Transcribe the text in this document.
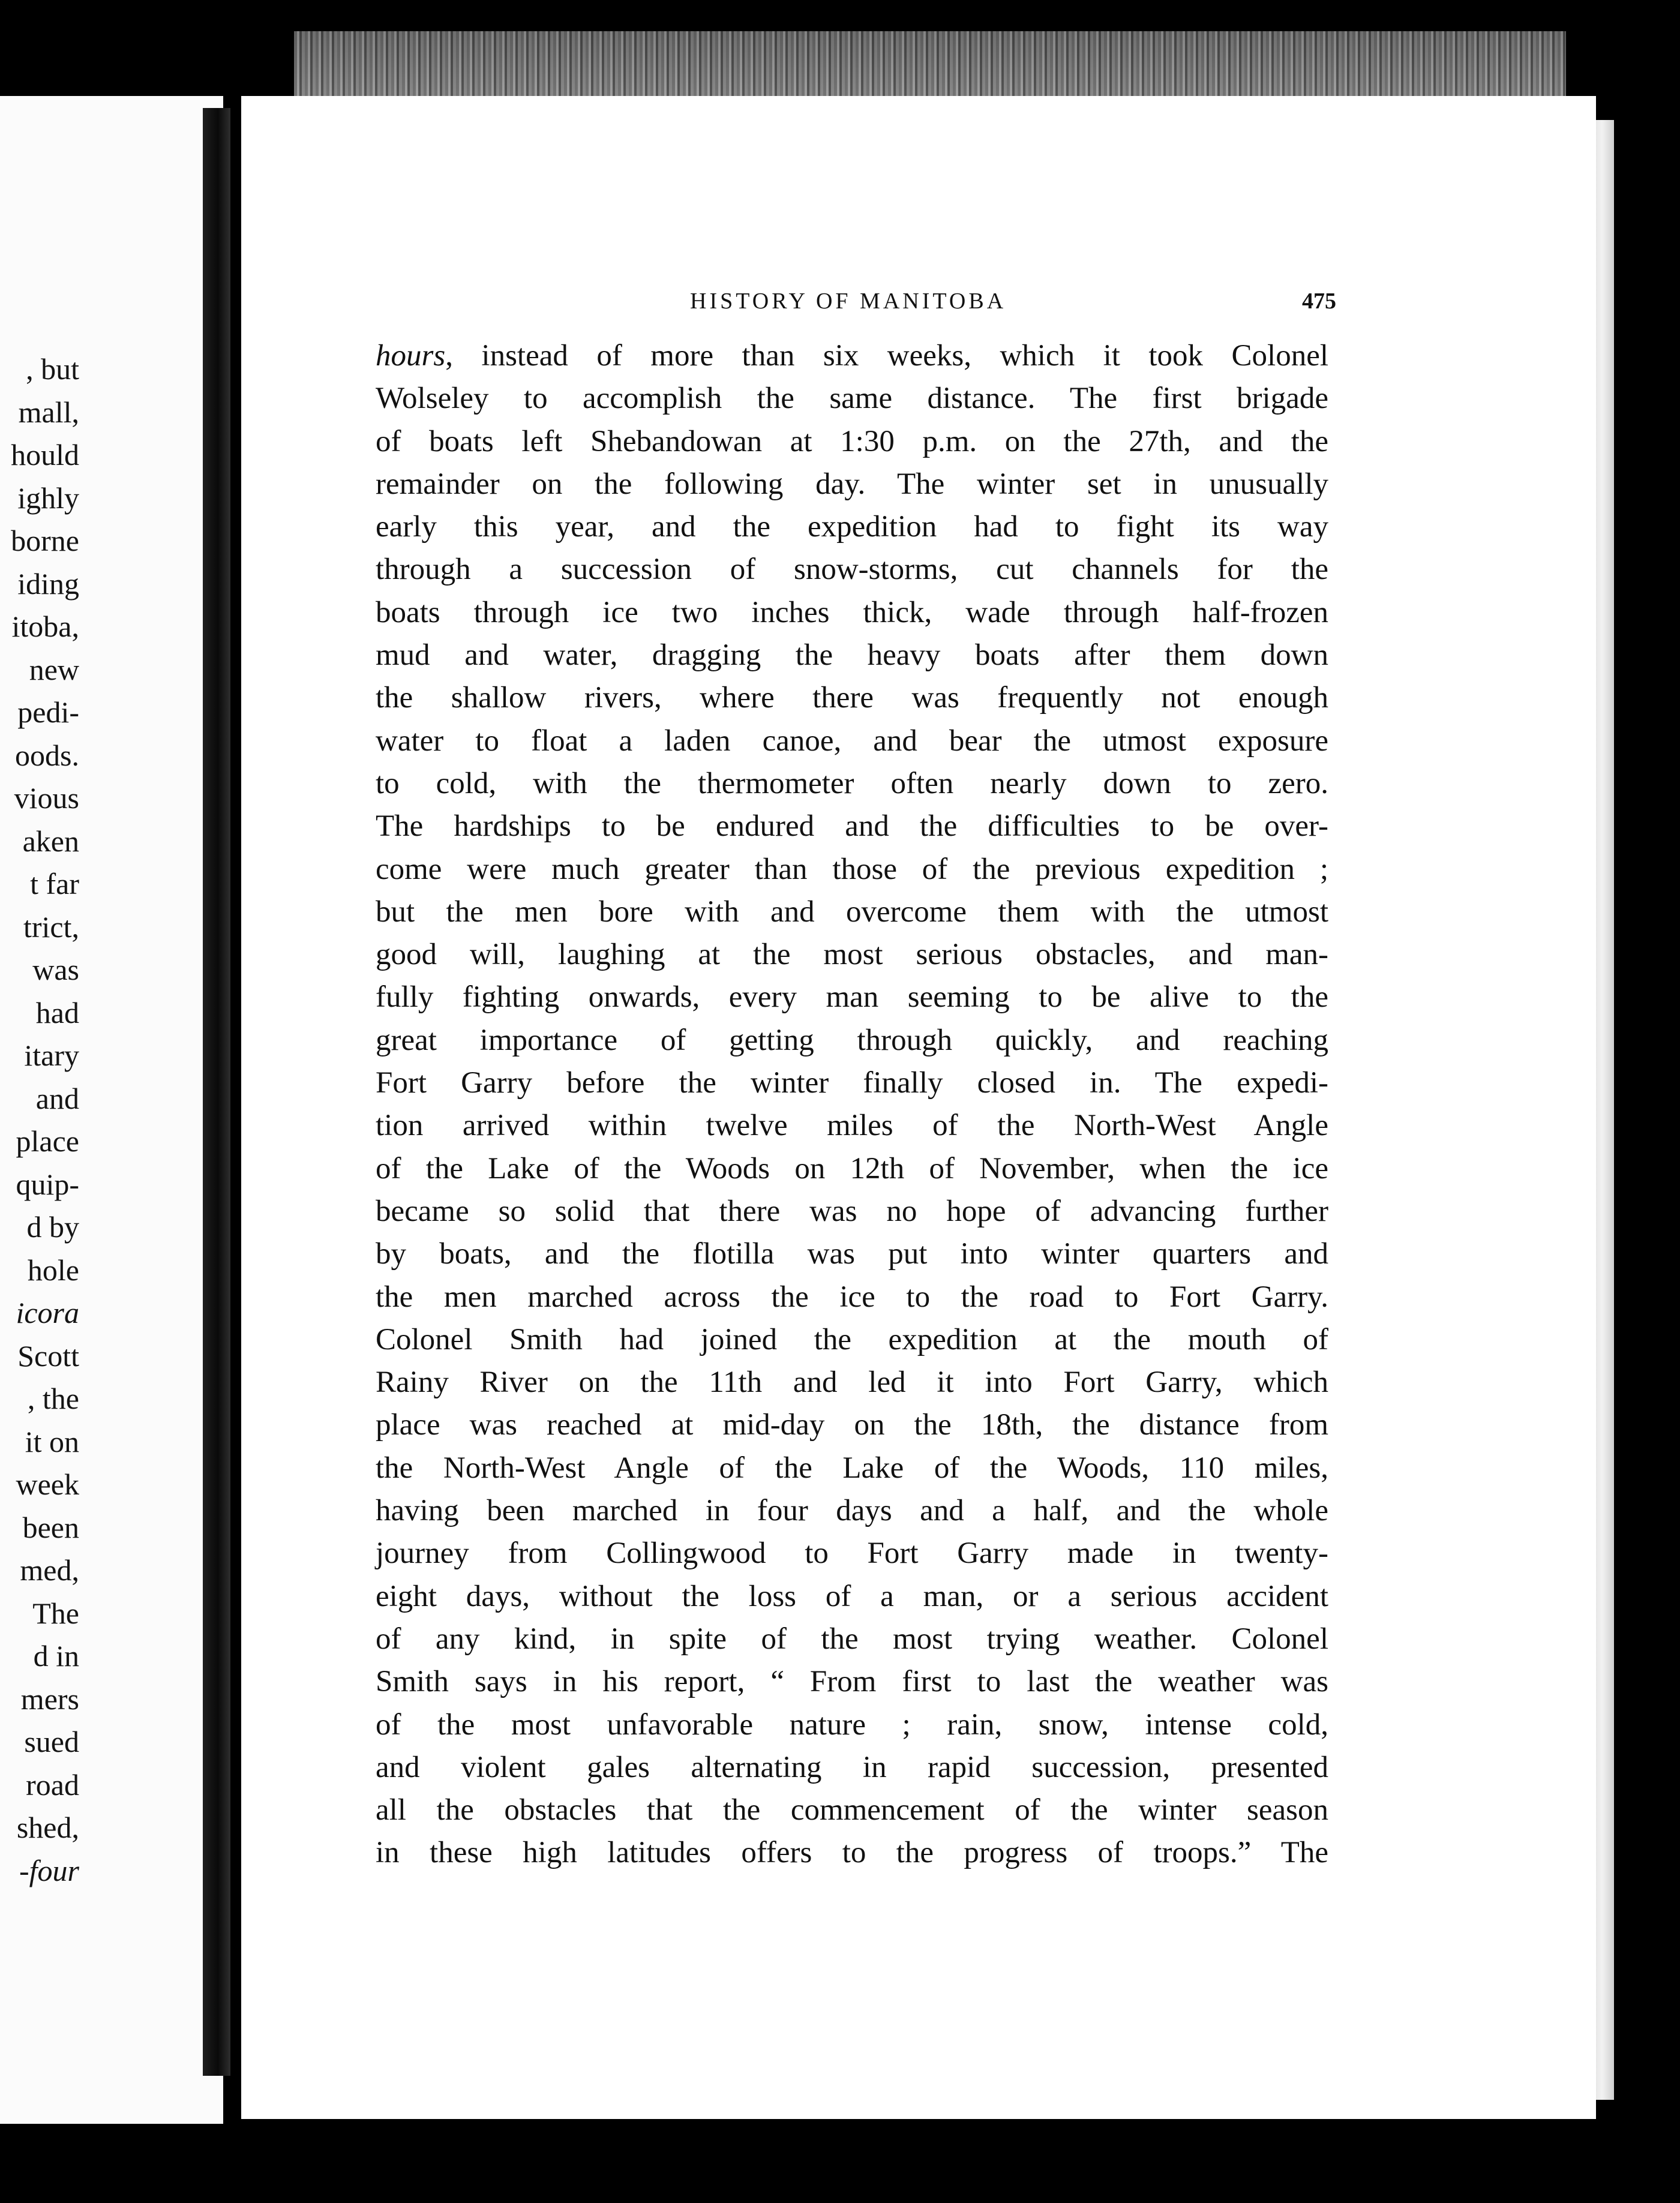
, but
mall,
hould
ighly
borne
iding
itoba,
new
pedi-
oods.
vious
aken
t far
trict,
was
had
itary
and
place
quip-
d by
hole
icora
Scott
, the
it on
week
been
med,
The
d in
mers
sued
road
shed,
-four
HISTORY OF MANITOBA	475
hours, instead of more than six weeks, which it took Colonel
Wolseley to accomplish the same distance. The first brigade
of boats left Shebandowan at 1:30 p.m. on the 27th, and the
remainder on the following day. The winter set in unusually
early this year, and the expedition had to fight its way
through a succession of snow-storms, cut channels for the
boats through ice two inches thick, wade through half-frozen
mud and water, dragging the heavy boats after them down
the shallow rivers, where there was frequently not enough
water to float a laden canoe, and bear the utmost exposure
to cold, with the thermometer often nearly down to zero.
The hardships to be endured and the difficulties to be over-
come were much greater than those of the previous expedition ;
but the men bore with and overcome them with the utmost
good will, laughing at the most serious obstacles, and man-
fully fighting onwards, every man seeming to be alive to the
great importance of getting through quickly, and reaching
Fort Garry before the winter finally closed in. The expedi-
tion arrived within twelve miles of the North-West Angle
of the Lake of the Woods on 12th of November, when the ice
became so solid that there was no hope of advancing further
by boats, and the flotilla was put into winter quarters and
the men marched across the ice to the road to Fort Garry.
Colonel Smith had joined the expedition at the mouth of
Rainy River on the 11th and led it into Fort Garry, which
place was reached at mid-day on the 18th, the distance from
the North-West Angle of the Lake of the Woods, 110 miles,
having been marched in four days and a half, and the whole
journey from Collingwood to Fort Garry made in twenty-
eight days, without the loss of a man, or a serious accident
of any kind, in spite of the most trying weather. Colonel
Smith says in his report, “ From first to last the weather was
of the most unfavorable nature ; rain, snow, intense cold,
and violent gales alternating in rapid succession, presented
all the obstacles that the commencement of the winter season
in these high latitudes offers to the progress of troops.” The
